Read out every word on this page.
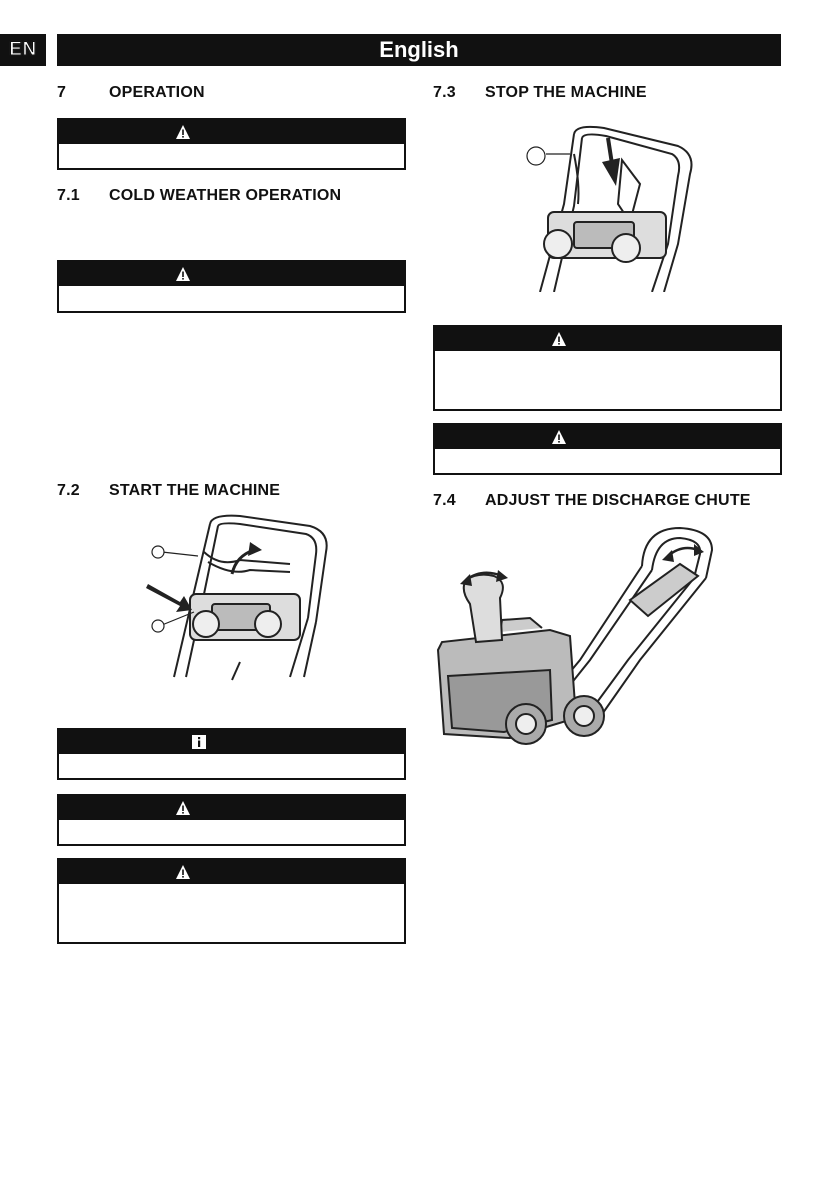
EN	English
7	OPERATION
7.1 COLD WEATHER OPERATION
7.2 START THE MACHINE
7.3 STOP THE MACHINE
7.4 ADJUST THE DISCHARGE CHUTE
